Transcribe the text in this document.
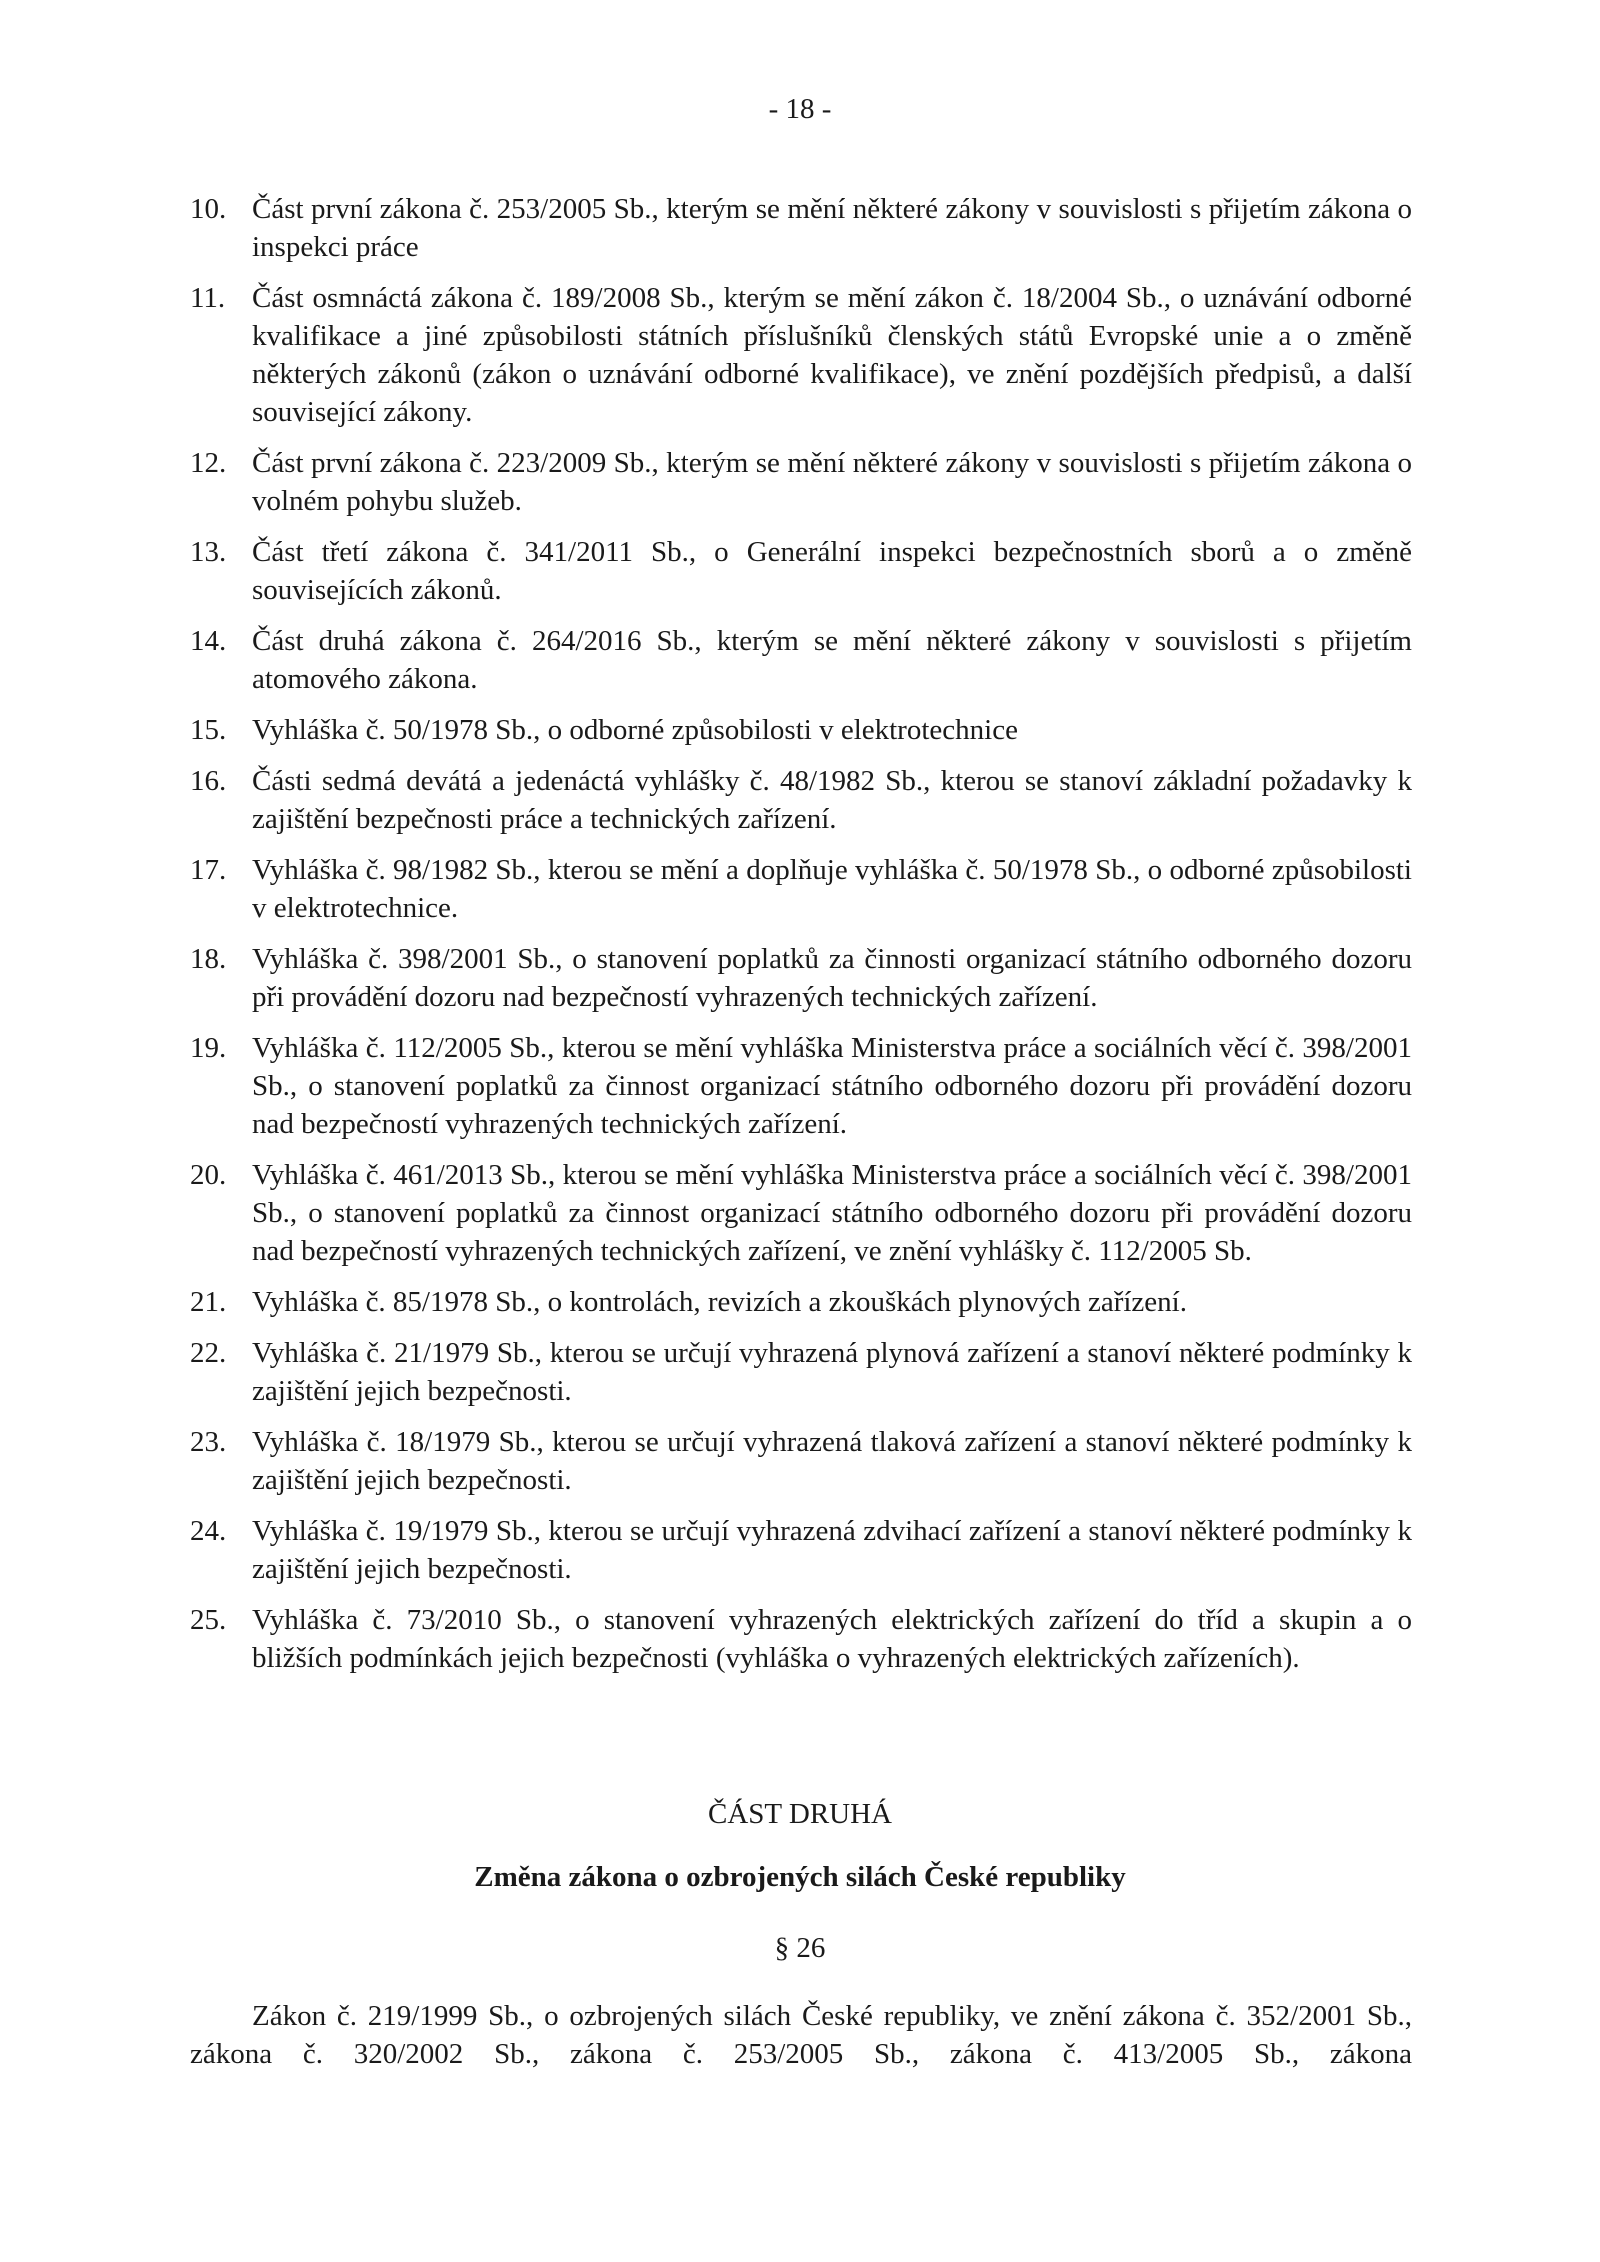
- 18 -
10. Část první zákona č. 253/2005 Sb., kterým se mění některé zákony v souvislosti s přijetím zákona o inspekci práce
11. Část osmnáctá zákona č. 189/2008 Sb., kterým se mění zákon č. 18/2004 Sb., o uznávání odborné kvalifikace a jiné způsobilosti státních příslušníků členských států Evropské unie a o změně některých zákonů (zákon o uznávání odborné kvalifikace), ve znění pozdějších předpisů, a další související zákony.
12. Část první zákona č. 223/2009 Sb., kterým se mění některé zákony v souvislosti s přijetím zákona o volném pohybu služeb.
13. Část třetí zákona č. 341/2011 Sb., o Generální inspekci bezpečnostních sborů a o změně souvisejících zákonů.
14. Část druhá zákona č. 264/2016 Sb., kterým se mění některé zákony v souvislosti s přijetím atomového zákona.
15. Vyhláška č. 50/1978 Sb., o odborné způsobilosti v elektrotechnice
16. Části sedmá devátá a jedenáctá vyhlášky č. 48/1982 Sb., kterou se stanoví základní požadavky k zajištění bezpečnosti práce a technických zařízení.
17. Vyhláška č. 98/1982 Sb., kterou se mění a doplňuje vyhláška č. 50/1978 Sb., o odborné způsobilosti v elektrotechnice.
18. Vyhláška č. 398/2001 Sb., o stanovení poplatků za činnosti organizací státního odborného dozoru při provádění dozoru nad bezpečností vyhrazených technických zařízení.
19. Vyhláška č. 112/2005 Sb., kterou se mění vyhláška Ministerstva práce a sociálních věcí č. 398/2001 Sb., o stanovení poplatků za činnost organizací státního odborného dozoru při provádění dozoru nad bezpečností vyhrazených technických zařízení.
20. Vyhláška č. 461/2013 Sb., kterou se mění vyhláška Ministerstva práce a sociálních věcí č. 398/2001 Sb., o stanovení poplatků za činnost organizací státního odborného dozoru při provádění dozoru nad bezpečností vyhrazených technických zařízení, ve znění vyhlášky č. 112/2005 Sb.
21. Vyhláška č. 85/1978 Sb., o kontrolách, revizích a zkouškách plynových zařízení.
22. Vyhláška č. 21/1979 Sb., kterou se určují vyhrazená plynová zařízení a stanoví některé podmínky k zajištění jejich bezpečnosti.
23. Vyhláška č. 18/1979 Sb., kterou se určují vyhrazená tlaková zařízení a stanoví některé podmínky k zajištění jejich bezpečnosti.
24. Vyhláška č. 19/1979 Sb., kterou se určují vyhrazená zdvihací zařízení a stanoví některé podmínky k zajištění jejich bezpečnosti.
25. Vyhláška č. 73/2010 Sb., o stanovení vyhrazených elektrických zařízení do tříd a skupin a o bližších podmínkách jejich bezpečnosti (vyhláška o vyhrazených elektrických zařízeních).
ČÁST DRUHÁ
Změna zákona o ozbrojených silách České republiky
§ 26

Zákon č. 219/1999 Sb., o ozbrojených silách České republiky, ve znění zákona č. 352/2001 Sb., zákona č. 320/2002 Sb., zákona č. 253/2005 Sb., zákona č. 413/2005 Sb., zákona
